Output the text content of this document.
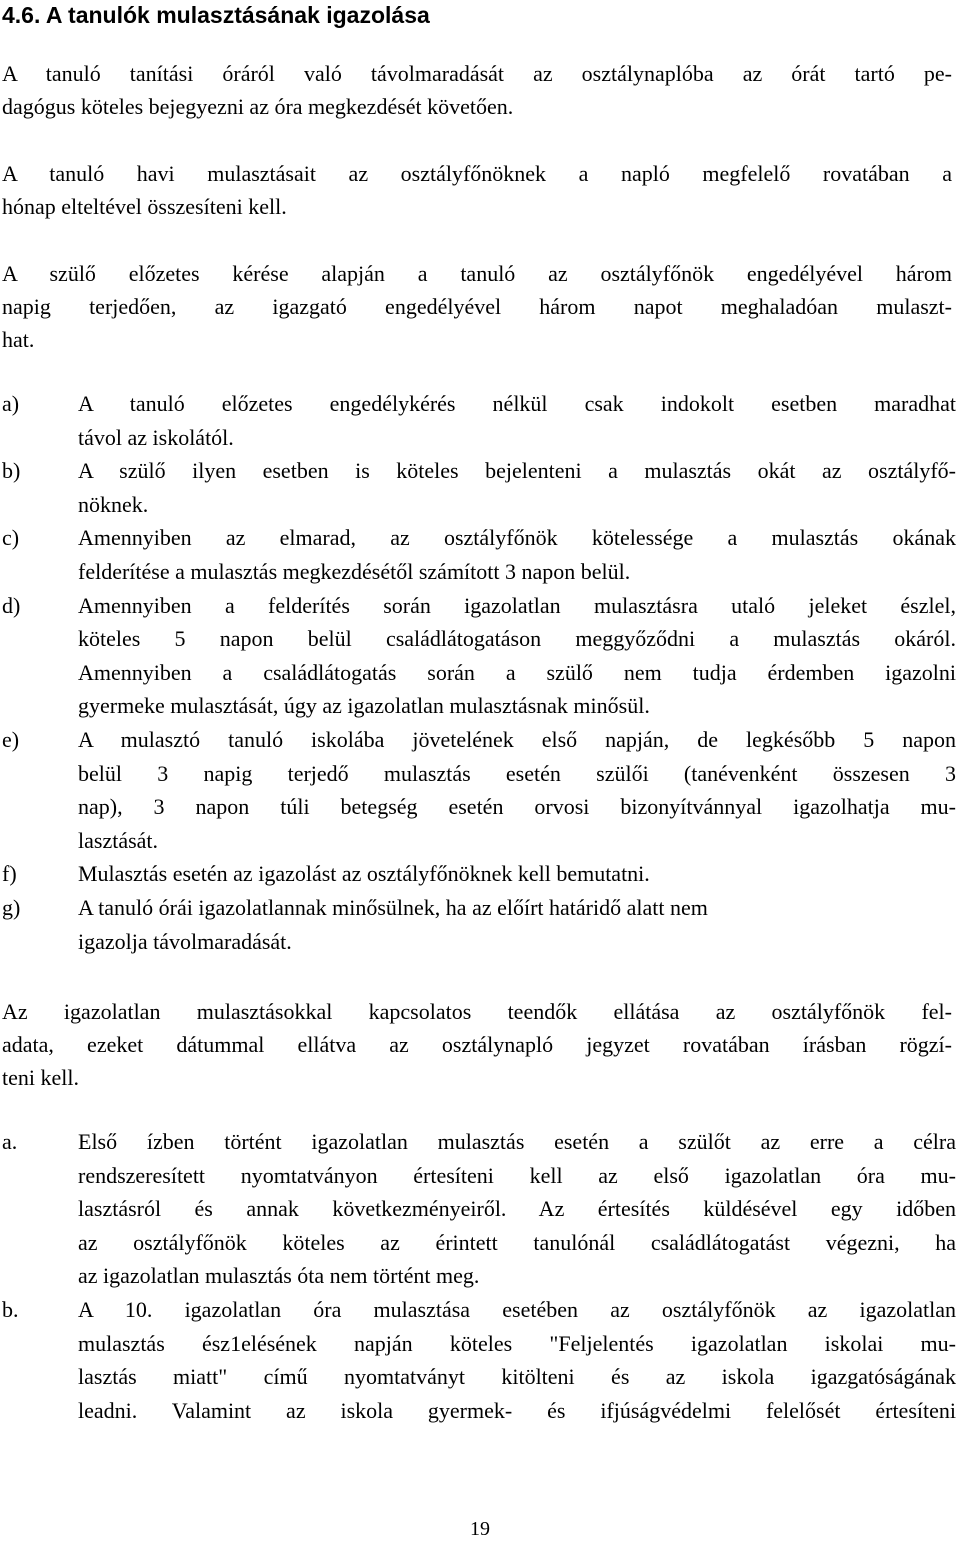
4.6. A tanulók mulasztásának igazolása
A tanuló tanítási óráról való távolmaradását az osztálynaplóba az órát tartó pe-
dagógus köteles bejegyezni az óra megkezdését követően.
A tanuló havi mulasztásait az osztályfőnöknek a napló megfelelő rovatában a
hónap elteltével összesíteni kell.
A szülő előzetes kérése alapján a tanuló az osztályfőnök engedélyével három
napig terjedően, az igazgató engedélyével három napot meghaladóan mulaszt-
hat.
a)	A tanuló előzetes engedélykérés nélkül csak indokolt esetben maradhat
távol az iskolától.
b)	A szülő ilyen esetben is köteles bejelenteni a mulasztás okát az osztályfő-
nöknek.
c)	Amennyiben az elmarad, az osztályfőnök kötelessége a mulasztás okának
felderítése a mulasztás megkezdésétől számított 3 napon belül.
d)	Amennyiben a felderítés során igazolatlan mulasztásra utaló jeleket észlel,
köteles 5 napon belül családlátogatáson meggyőződni a mulasztás okáról.
Amennyiben a családlátogatás során a szülő nem tudja érdemben igazolni
gyermeke mulasztását, úgy az igazolatlan mulasztásnak minősül.
e)	A mulasztó tanuló iskolába jövetelének első napján, de legkésőbb 5 napon
belül 3 napig terjedő mulasztás esetén szülői (tanévenként összesen 3
nap), 3 napon túli betegség esetén orvosi bizonyítvánnyal igazolhatja mu-
lasztását.
f)	Mulasztás esetén az igazolást az osztályfőnöknek kell bemutatni.
g)	A tanuló órái igazolatlannak minősülnek, ha az előírt határidő alatt nem
igazolja távolmaradását.
Az igazolatlan mulasztásokkal kapcsolatos teendők ellátása az osztályfőnök fel-
adata, ezeket dátummal ellátva az osztálynapló jegyzet rovatában írásban rögzí-
teni kell.
a.	Első ízben történt igazolatlan mulasztás esetén a szülőt az erre a célra
rendszeresített nyomtatványon értesíteni kell az első igazolatlan óra mu-
lasztásról és annak következményeiről. Az értesítés küldésével egy időben
az osztályfőnök köteles az érintett tanulónál családlátogatást végezni, ha
az igazolatlan mulasztás óta nem történt meg.
b.	A 10. igazolatlan óra mulasztása esetében az osztályfőnök az igazolatlan
mulasztás ész1elésének napján köteles "Feljelentés igazolatlan iskolai mu-
lasztás miatt" című nyomtatványt kitölteni és az iskola igazgatóságának
leadni. Valamint az iskola gyermek- és ifjúságvédelmi felelősét értesíteni
19
